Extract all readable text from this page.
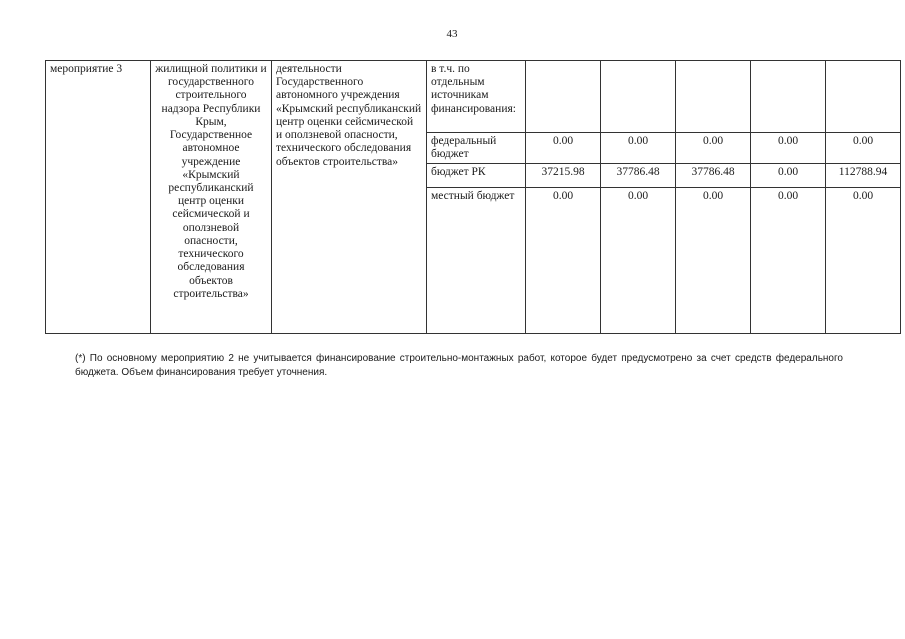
43
мероприятие 3	жилищной политики и государственного строительного надзора Республики Крым, Государственное автономное учреждение «Крымский республиканский центр оценки сейсмической и оползневой опасности, технического обследования объектов строительства»	деятельности Государственного автономного учреждения «Крымский республиканский центр оценки сейсмической и оползневой опасности, технического обследования объектов строительства»	в т.ч. по отдельным источникам финансирования:					
			федеральный бюджет	0.00	0.00	0.00	0.00	0.00
			бюджет РК	37215.98	37786.48	37786.48	0.00	112788.94
			местный бюджет	0.00	0.00	0.00	0.00	0.00
(*) По основному мероприятию 2 не учитывается финансирование строительно-монтажных работ, которое будет предусмотрено за счет средств федерального бюджета. Объем финансирования требует уточнения.
